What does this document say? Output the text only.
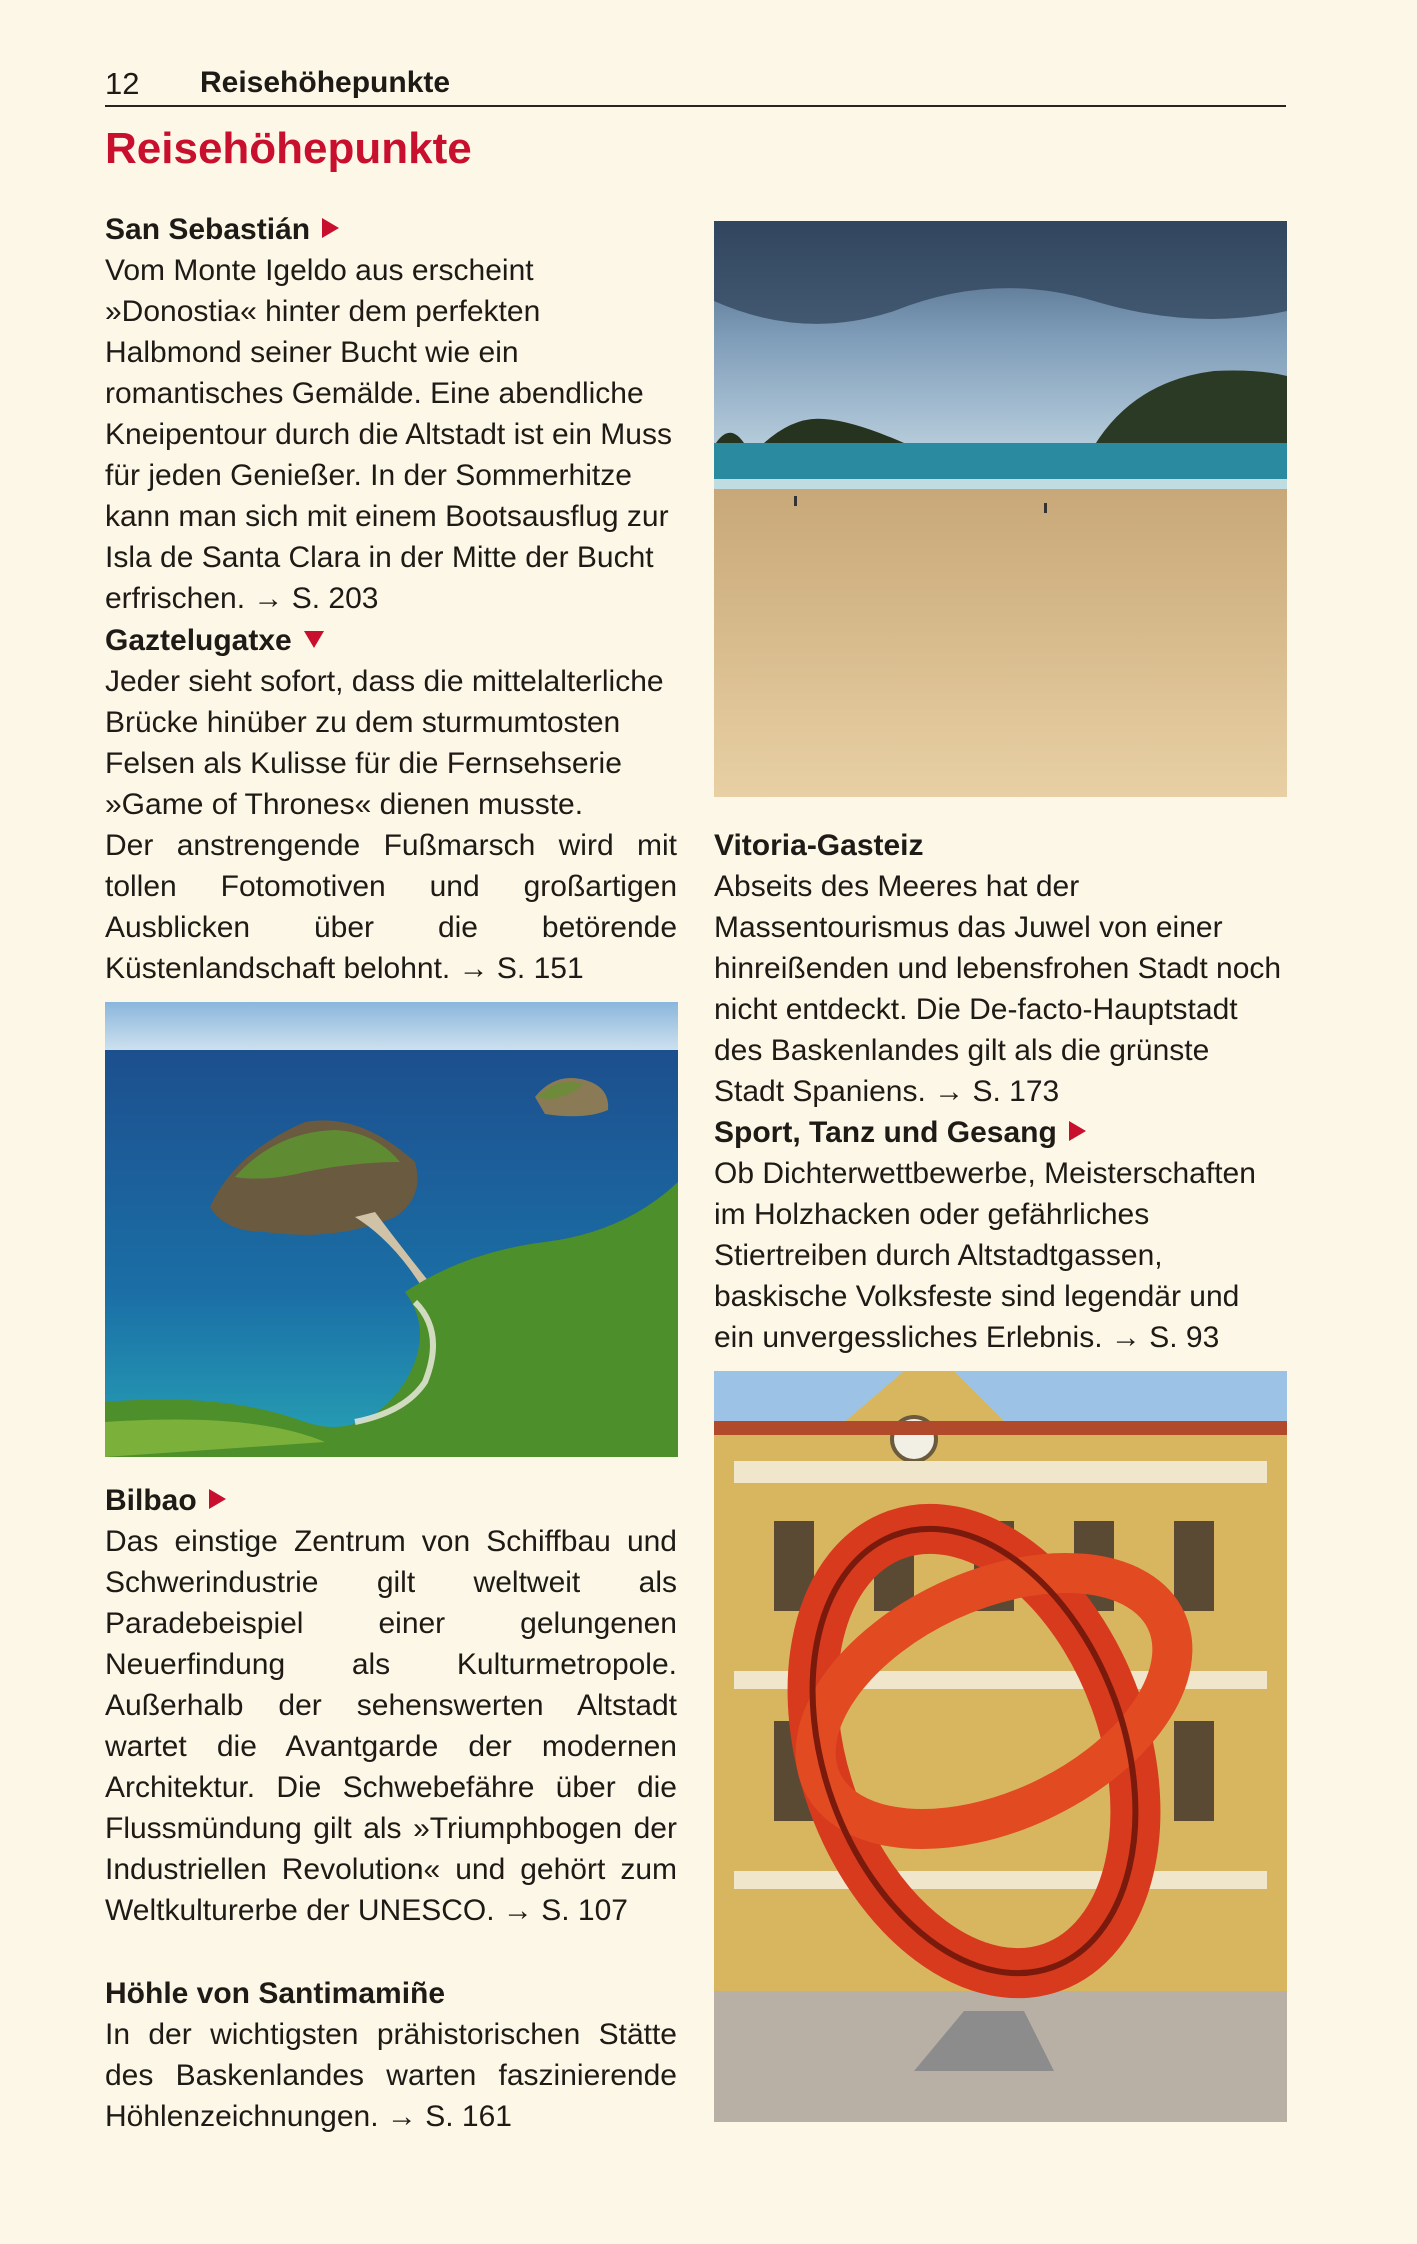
12 Reisehöhepunkte
Reisehöhepunkte
San Sebastián

Vom Monte Igeldo aus erscheint »Donostia« hinter dem perfekten Halbmond seiner Bucht wie ein romantisches Gemälde. Eine abendliche Kneipentour durch die Altstadt ist ein Muss für jeden Genießer. In der Sommerhitze kann man sich mit einem Bootsausflug zur Isla de Santa Clara in der Mitte der Bucht erfrischen. → S. 203

Gaztelugatxe

Jeder sieht sofort, dass die mittelalterliche Brücke hinüber zu dem sturmumtosten Felsen als Kulisse für die Fernsehserie »Game of Thrones« dienen musste.

Der anstrengende Fußmarsch wird mit tollen Fotomotiven und großartigen Ausblicken über die betörende Küstenlandschaft belohnt. → S. 151

Bilbao

Das einstige Zentrum von Schiffbau und Schwerindustrie gilt weltweit als Paradebeispiel einer gelungenen Neuerfindung als Kulturmetropole. Außerhalb der sehenswerten Altstadt wartet die Avantgarde der modernen Architektur. Die Schwebefähre über die Flussmündung gilt als »Triumphbogen der Industriellen Revolution« und gehört zum Weltkulturerbe der UNESCO. → S. 107

Höhle von Santimamiñe

In der wichtigsten prähistorischen Stätte des Baskenlandes warten faszinierende Höhlenzeichnungen. → S. 161

Vitoria-Gasteiz

Abseits des Meeres hat der Massentourismus das Juwel von einer hinreißenden und lebensfrohen Stadt noch nicht entdeckt. Die De-facto-Hauptstadt des Baskenlandes gilt als die grünste Stadt Spaniens. → S. 173

Sport, Tanz und Gesang

Ob Dichterwettbewerbe, Meisterschaften im Holzhacken oder gefährliches Stiertreiben durch Altstadtgassen, baskische Volksfeste sind legendär und ein unvergessliches Erlebnis. → S. 93
